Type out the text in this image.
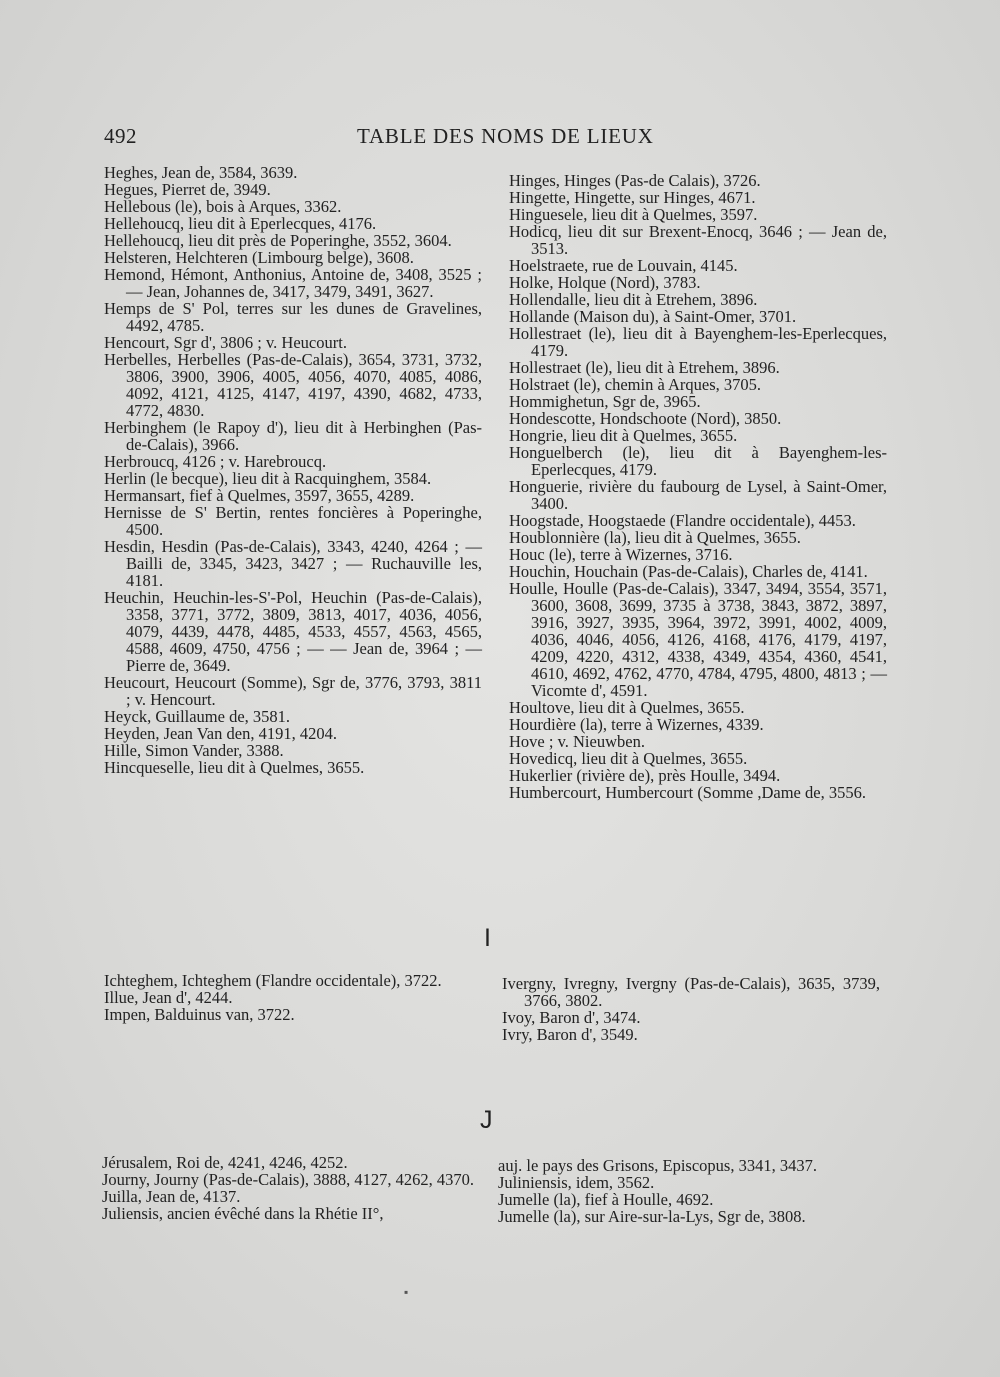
492	TABLE DES NOMS DE LIEUX

Heghes, Jean de, 3584, 3639.

Hegues, Pierret de, 3949.

Hellebous (le), bois à Arques, 3362.

Hellehoucq, lieu dit à Eperlecques, 4176.

Hellehoucq, lieu dit près de Poperinghe, 3552, 3604.

Helsteren, Helchteren (Limbourg belge), 3608.

Hemond, Hémont, Anthonius, Antoine de, 3408, 3525 ; — Jean, Johannes de, 3417, 3479, 3491, 3627.

Hemps de S' Pol, terres sur les dunes de Gravelines, 4492, 4785.

Hencourt, Sgr d', 3806 ; v. Heucourt.

Herbelles, Herbelles (Pas-de-Calais), 3654, 3731, 3732, 3806, 3900, 3906, 4005, 4056, 4070, 4085, 4086, 4092, 4121, 4125, 4147, 4197, 4390, 4682, 4733, 4772, 4830.

Herbinghem (le Rapoy d'), lieu dit à Herbinghen (Pas-de-Calais), 3966.

Herbroucq, 4126 ; v. Harebroucq.

Herlin (le becque), lieu dit à Racquinghem, 3584.

Hermansart, fief à Quelmes, 3597, 3655, 4289.

Hernisse de S' Bertin, rentes foncières à Poperinghe, 4500.

Hesdin, Hesdin (Pas-de-Calais), 3343, 4240, 4264 ; — Bailli de, 3345, 3423, 3427 ; — Ruchauville les, 4181.

Heuchin, Heuchin-les-S'-Pol, Heuchin (Pas-de-Calais), 3358, 3771, 3772, 3809, 3813, 4017, 4036, 4056, 4079, 4439, 4478, 4485, 4533, 4557, 4563, 4565, 4588, 4609, 4750, 4756 ; — — Jean de, 3964 ; — Pierre de, 3649.

Heucourt, Heucourt (Somme), Sgr de, 3776, 3793, 3811 ; v. Hencourt.

Heyck, Guillaume de, 3581.

Heyden, Jean Van den, 4191, 4204.

Hille, Simon Vander, 3388.

Hincqueselle, lieu dit à Quelmes, 3655.

Hinges, Hinges (Pas-de Calais), 3726.

Hingette, Hingette, sur Hinges, 4671.

Hinguesele, lieu dit à Quelmes, 3597.

Hodicq, lieu dit sur Brexent-Enocq, 3646 ; — Jean de, 3513.

Hoelstraete, rue de Louvain, 4145.

Holke, Holque (Nord), 3783.

Hollendalle, lieu dit à Etrehem, 3896.

Hollande (Maison du), à Saint-Omer, 3701.

Hollestraet (le), lieu dit à Bayenghem-les-Eperlecques, 4179.

Hollestraet (le), lieu dit à Etrehem, 3896.

Holstraet (le), chemin à Arques, 3705.

Hommighetun, Sgr de, 3965.

Hondescotte, Hondschoote (Nord), 3850.

Hongrie, lieu dit à Quelmes, 3655.

Honguelberch (le), lieu dit à Bayenghem-les-Eperlecques, 4179.

Honguerie, rivière du faubourg de Lysel, à Saint-Omer, 3400.

Hoogstade, Hoogstaede (Flandre occidentale), 4453.

Houblonnière (la), lieu dit à Quelmes, 3655.

Houc (le), terre à Wizernes, 3716.

Houchin, Houchain (Pas-de-Calais), Charles de, 4141.

Houlle, Houlle (Pas-de-Calais), 3347, 3494, 3554, 3571, 3600, 3608, 3699, 3735 à 3738, 3843, 3872, 3897, 3916, 3927, 3935, 3964, 3972, 3991, 4002, 4009, 4036, 4046, 4056, 4126, 4168, 4176, 4179, 4197, 4209, 4220, 4312, 4338, 4349, 4354, 4360, 4541, 4610, 4692, 4762, 4770, 4784, 4795, 4800, 4813 ; — Vicomte d', 4591.

Houltove, lieu dit à Quelmes, 3655.

Hourdière (la), terre à Wizernes, 4339.

Hove ; v. Nieuwben.

Hovedicq, lieu dit à Quelmes, 3655.

Hukerlier (rivière de), près Houlle, 3494.

Humbercourt, Humbercourt (Somme ,Dame de, 3556.

I

Ichteghem, Ichteghem (Flandre occidentale), 3722.

Illue, Jean d', 4244.

Impen, Balduinus van, 3722.

Ivergny, Ivregny, Ivergny (Pas-de-Calais), 3635, 3739, 3766, 3802.

Ivoy, Baron d', 3474.

Ivry, Baron d', 3549.

J

Jérusalem, Roi de, 4241, 4246, 4252.

Journy, Journy (Pas-de-Calais), 3888, 4127, 4262, 4370.

Juilla, Jean de, 4137.

Juliensis, ancien évêché dans la Rhétie II°,

auj. le pays des Grisons, Episcopus, 3341, 3437.

Juliniensis, idem, 3562.

Jumelle (la), fief à Houlle, 4692.

Jumelle (la), sur Aire-sur-la-Lys, Sgr de, 3808.

▪
